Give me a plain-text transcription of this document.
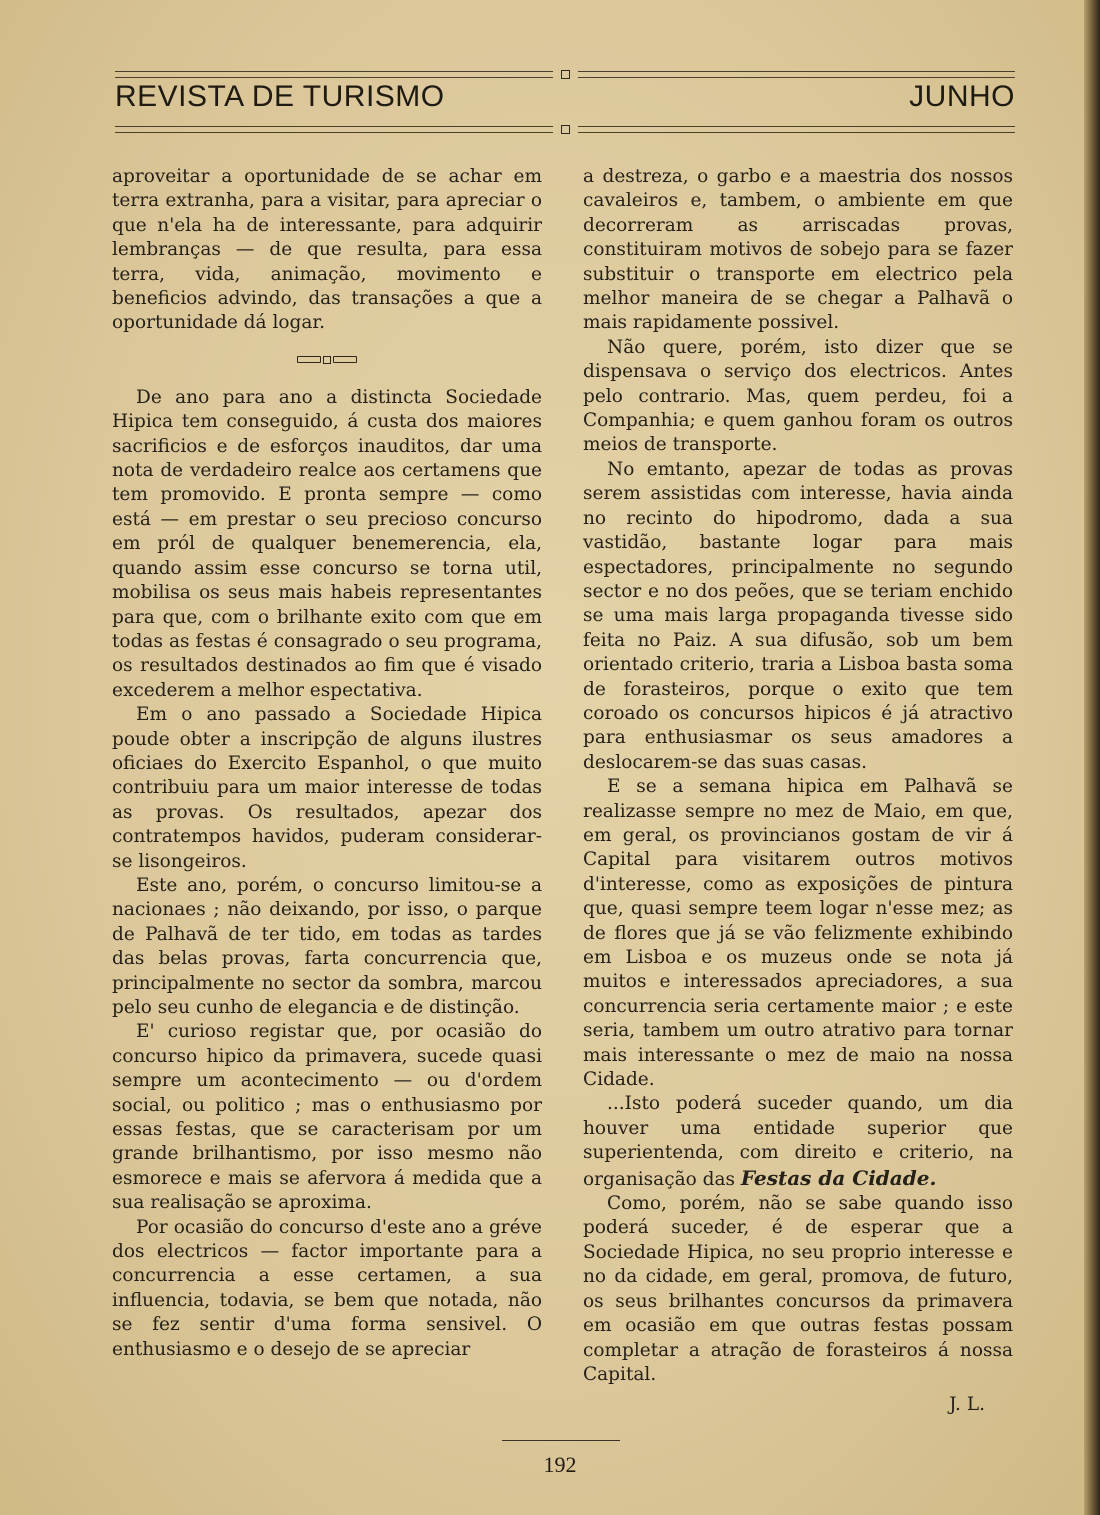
REVISTA DE TURISMO	JUNHO

aproveitar a oportunidade de se achar em terra extranha, para a visitar, para apreciar o que n'ela ha de interessante, para adquirir lembranças — de que resulta, para essa terra, vida, animação, movimento e beneficios advindo, das transações a que a oportunidade dá logar.

De ano para ano a distincta Sociedade Hipica tem conseguido, á custa dos maiores sacrificios e de esforços inauditos, dar uma nota de verdadeiro realce aos certamens que tem promovido. E pronta sempre — como está — em prestar o seu precioso concurso em pról de qualquer benemerencia, ela, quando assim esse concurso se torna util, mobilisa os seus mais habeis representantes para que, com o brilhante exito com que em todas as festas é consagrado o seu programa, os resultados destinados ao fim que é visado excederem a melhor espectativa.

Em o ano passado a Sociedade Hipica poude obter a inscripção de alguns ilustres oficiaes do Exercito Espanhol, o que muito contribuiu para um maior interesse de todas as provas. Os resultados, apezar dos contratempos havidos, puderam considerar-se lisongeiros.

Este ano, porém, o concurso limitou-se a nacionaes ; não deixando, por isso, o parque de Palhavã de ter tido, em todas as tardes das belas provas, farta concurrencia que, principalmente no sector da sombra, marcou pelo seu cunho de elegancia e de distinção.

E' curioso registar que, por ocasião do concurso hipico da primavera, sucede quasi sempre um acontecimento — ou d'ordem social, ou politico ; mas o enthusiasmo por essas festas, que se caracterisam por um grande brilhantismo, por isso mesmo não esmorece e mais se afervora á medida que a sua realisação se aproxima.

Por ocasião do concurso d'este ano a gréve dos electricos — factor importante para a concurrencia a esse certamen, a sua influencia, todavia, se bem que notada, não se fez sentir d'uma forma sensivel. O enthusiasmo e o desejo de se apreciar

a destreza, o garbo e a maestria dos nossos cavaleiros e, tambem, o ambiente em que decorreram as arriscadas provas, constituiram motivos de sobejo para se fazer substituir o transporte em electrico pela melhor maneira de se chegar a Palhavã o mais rapidamente possivel.

Não quere, porém, isto dizer que se dispensava o serviço dos electricos. Antes pelo contrario. Mas, quem perdeu, foi a Companhia; e quem ganhou foram os outros meios de transporte.

No emtanto, apezar de todas as provas serem assistidas com interesse, havia ainda no recinto do hipodromo, dada a sua vastidão, bastante logar para mais espectadores, principalmente no segundo sector e no dos peões, que se teriam enchido se uma mais larga propaganda tivesse sido feita no Paiz. A sua difusão, sob um bem orientado criterio, traria a Lisboa basta soma de forasteiros, porque o exito que tem coroado os concursos hipicos é já atractivo para enthusiasmar os seus amadores a deslocarem-se das suas casas.

E se a semana hipica em Palhavã se realizasse sempre no mez de Maio, em que, em geral, os provincianos gostam de vir á Capital para visitarem outros motivos d'interesse, como as exposições de pintura que, quasi sempre teem logar n'esse mez; as de flores que já se vão felizmente exhibindo em Lisboa e os muzeus onde se nota já muitos e interessados apreciadores, a sua concurrencia seria certamente maior ; e este seria, tambem um outro atrativo para tornar mais interessante o mez de maio na nossa Cidade.

...Isto poderá suceder quando, um dia houver uma entidade superior que superientenda, com direito e criterio, na organisação das Festas da Cidade.

Como, porém, não se sabe quando isso poderá suceder, é de esperar que a Sociedade Hipica, no seu proprio interesse e no da cidade, em geral, promova, de futuro, os seus brilhantes concursos da primavera em ocasião em que outras festas possam completar a atração de forasteiros á nossa Capital.

J. L.
192
